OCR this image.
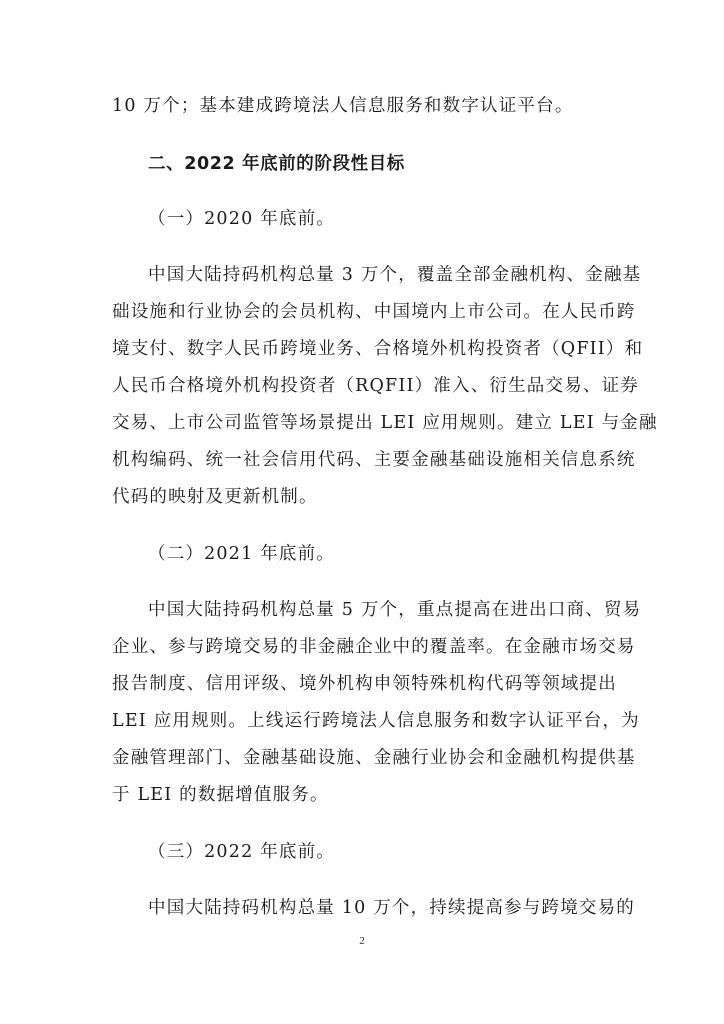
10 万个；基本建成跨境法人信息服务和数字认证平台。
二、2022 年底前的阶段性目标
（一）2020 年底前。
中国大陆持码机构总量 3 万个，覆盖全部金融机构、金融基
础设施和行业协会的会员机构、中国境内上市公司。在人民币跨
境支付、数字人民币跨境业务、合格境外机构投资者（QFII）和
人民币合格境外机构投资者（RQFII）准入、衍生品交易、证券
交易、上市公司监管等场景提出 LEI 应用规则。建立 LEI 与金融
机构编码、统一社会信用代码、主要金融基础设施相关信息系统
代码的映射及更新机制。
（二）2021 年底前。
中国大陆持码机构总量 5 万个，重点提高在进出口商、贸易
企业、参与跨境交易的非金融企业中的覆盖率。在金融市场交易
报告制度、信用评级、境外机构申领特殊机构代码等领域提出
LEI 应用规则。上线运行跨境法人信息服务和数字认证平台，为
金融管理部门、金融基础设施、金融行业协会和金融机构提供基
于 LEI 的数据增值服务。
（三）2022 年底前。
中国大陆持码机构总量 10 万个，持续提高参与跨境交易的
2
